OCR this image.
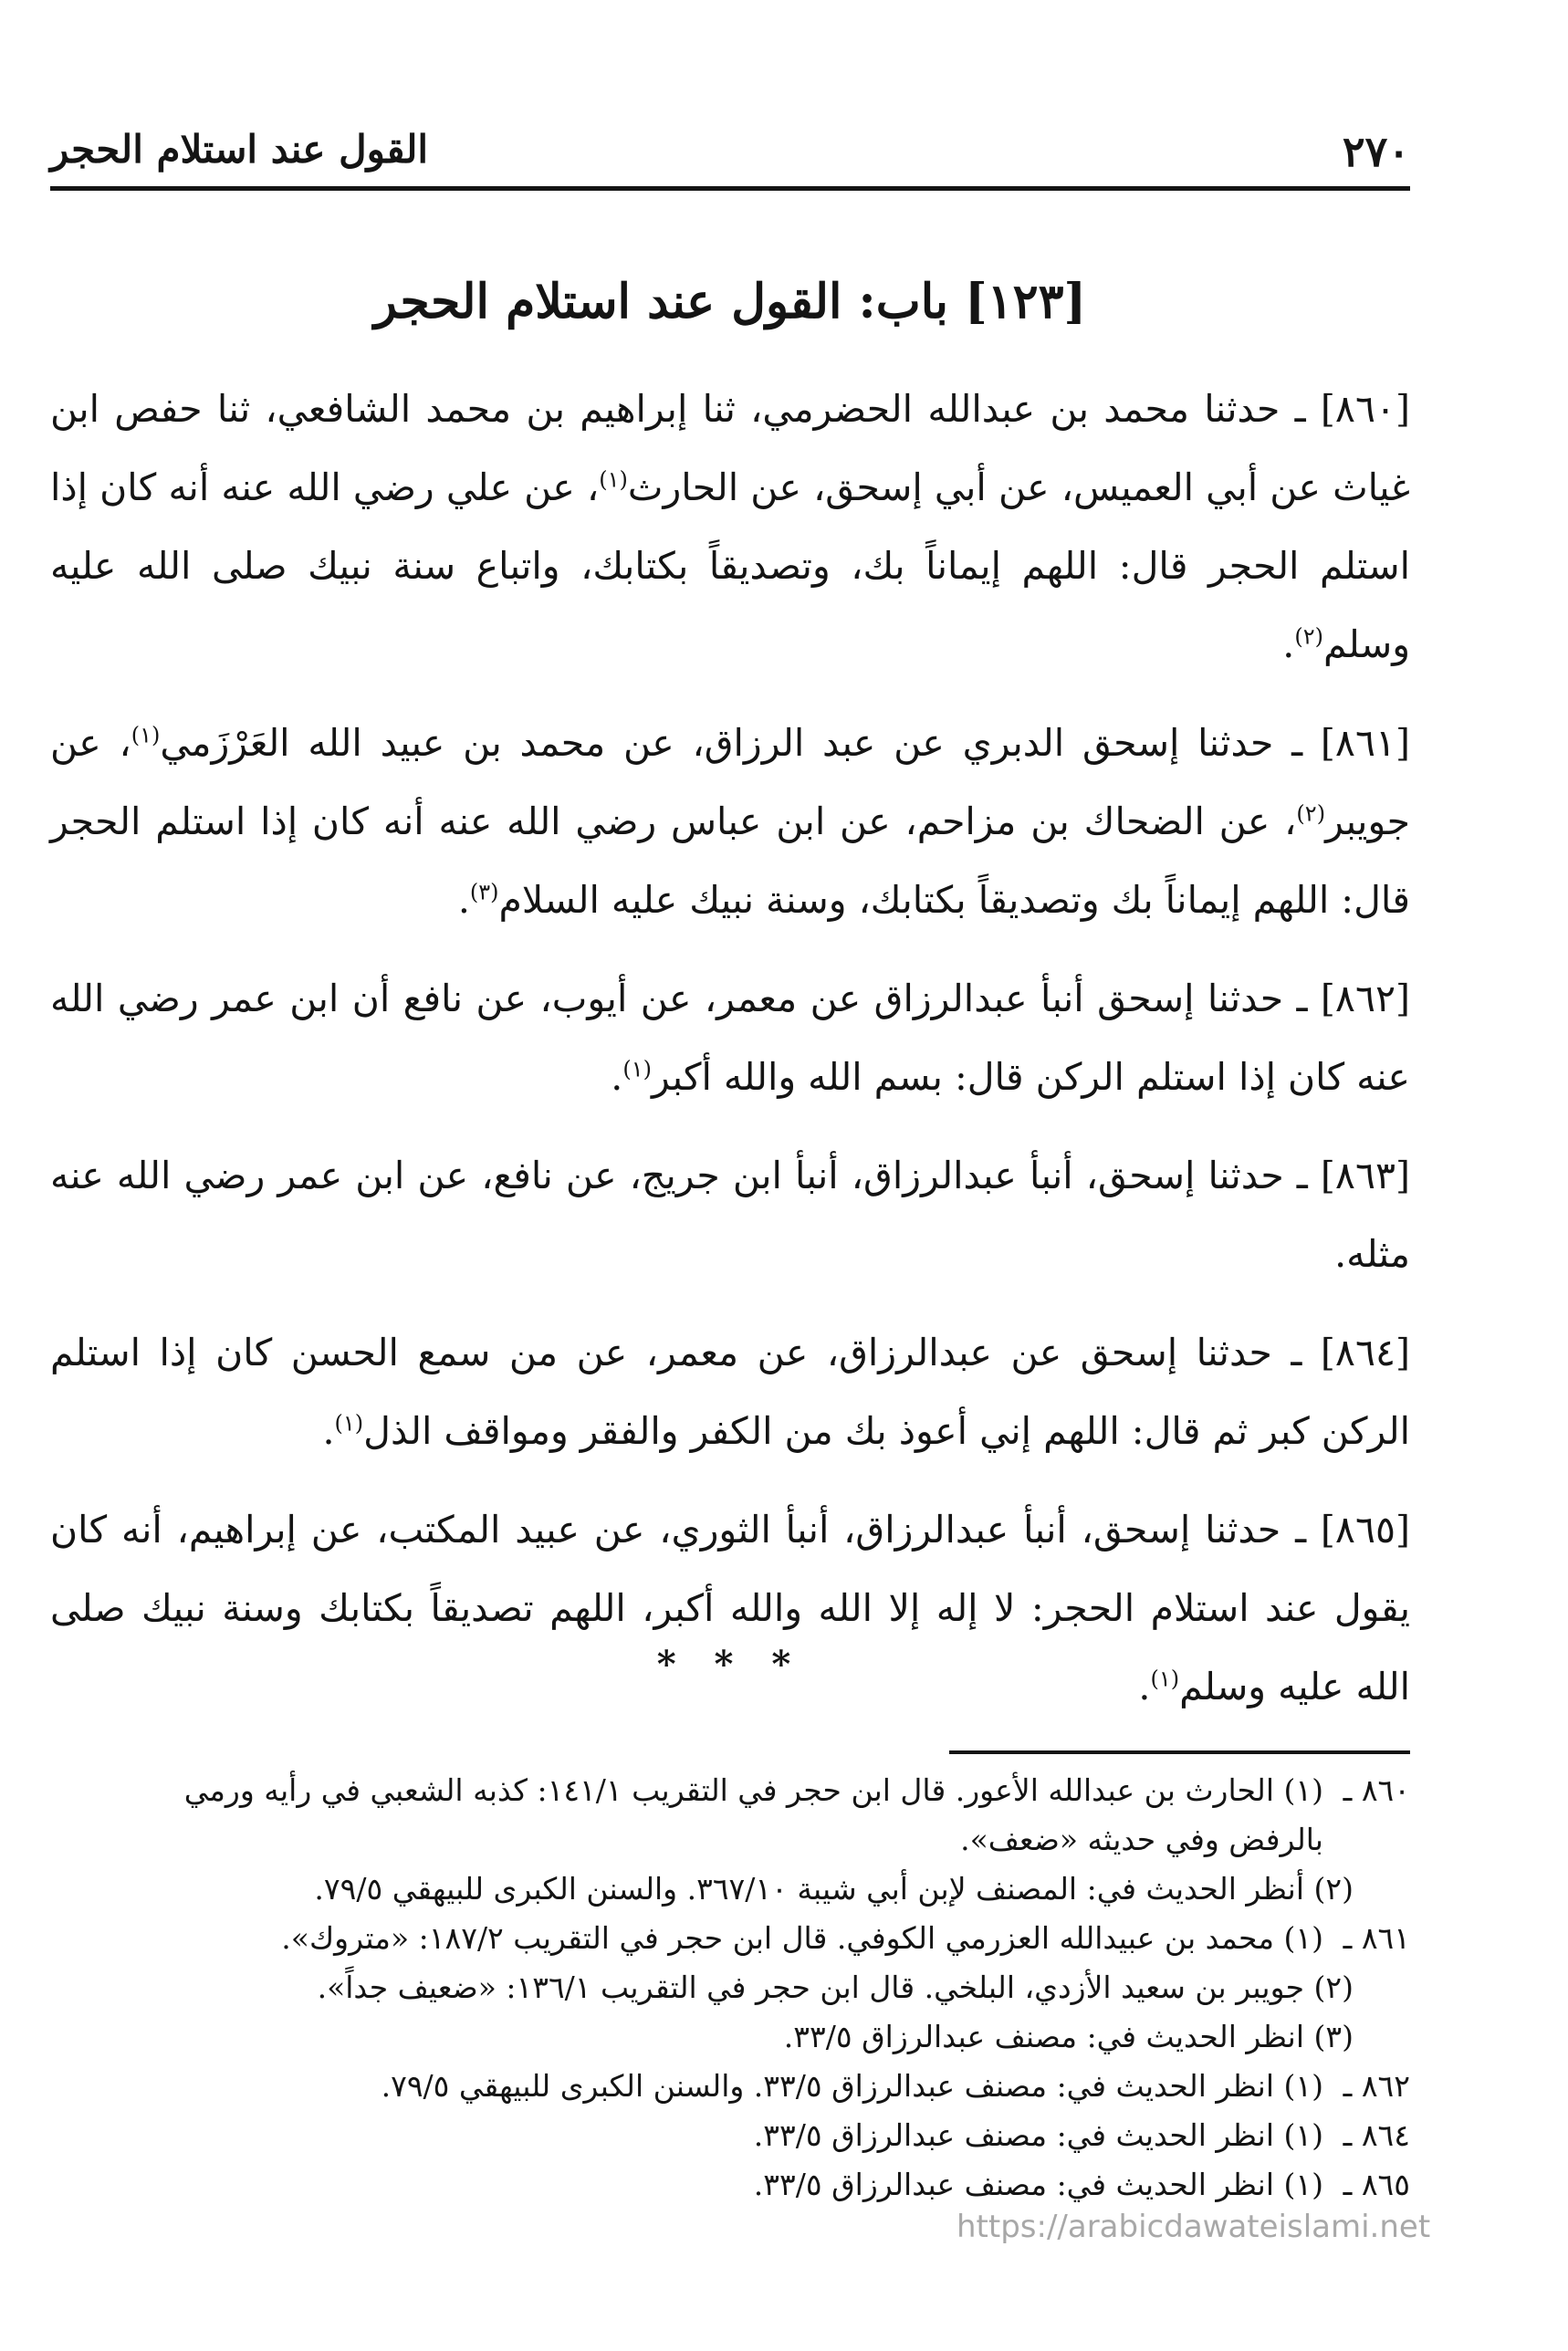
٢٧٠
القول عند استلام الحجر
[١٢٣] باب: القول عند استلام الحجر

[٨٦٠] ـ حدثنا محمد بن عبدالله الحضرمي، ثنا إبراهيم بن محمد الشافعي، ثنا حفص ابن غياث عن أبي العميس، عن أبي إسحق، عن الحارث$^{(١)}$، عن علي رضي الله عنه أنه كان إذا استلم الحجر قال: اللهم إيماناً بك، وتصديقاً بكتابك، واتباع سنة نبيك صلى الله عليه وسلم$^{(٢)}$.

[٨٦١] ـ حدثنا إسحق الدبري عن عبد الرزاق، عن محمد بن عبيد الله العَرْزَمي$^{(١)}$، عن جويبر$^{(٢)}$، عن الضحاك بن مزاحم، عن ابن عباس رضي الله عنه أنه كان إذا استلم الحجر قال: اللهم إيماناً بك وتصديقاً بكتابك، وسنة نبيك عليه السلام$^{(٣)}$.

[٨٦٢] ـ حدثنا إسحق أنبأ عبدالرزاق عن معمر، عن أيوب، عن نافع أن ابن عمر رضي الله عنه كان إذا استلم الركن قال: بسم الله والله أكبر$^{(١)}$.

[٨٦٣] ـ حدثنا إسحق، أنبأ عبدالرزاق، أنبأ ابن جريج، عن نافع، عن ابن عمر رضي الله عنه مثله.

[٨٦٤] ـ حدثنا إسحق عن عبدالرزاق، عن معمر، عن من سمع الحسن كان إذا استلم الركن كبر ثم قال: اللهم إني أعوذ بك من الكفر والفقر ومواقف الذل$^{(١)}$.

[٨٦٥] ـ حدثنا إسحق، أنبأ عبدالرزاق، أنبأ الثوري، عن عبيد المكتب، عن إبراهيم، أنه كان يقول عند استلام الحجر: لا إله إلا الله والله أكبر، اللهم تصديقاً بكتابك وسنة نبيك صلى الله عليه وسلم$^{(١)}$.

* * *

٨٦٠ ـ(١) الحارث بن عبدالله الأعور. قال ابن حجر في التقريب ١٤١/١: كذبه الشعبي في رأيه ورمي

بالرفض وفي حديثه «ضعف».

(٢) أنظر الحديث في: المصنف لإبن أبي شيبة ٣٦٧/١٠. والسنن الكبرى للبيهقي ٧٩/٥.

٨٦١ ـ(١) محمد بن عبيدالله العزرمي الكوفي. قال ابن حجر في التقريب ١٨٧/٢: «متروك».

(٢) جويبر بن سعيد الأزدي، البلخي. قال ابن حجر في التقريب ١٣٦/١: «ضعيف جداً».

(٣) انظر الحديث في: مصنف عبدالرزاق ٣٣/٥.

٨٦٢ ـ(١) انظر الحديث في: مصنف عبدالرزاق ٣٣/٥. والسنن الكبرى للبيهقي ٧٩/٥.

٨٦٤ ـ(١) انظر الحديث في: مصنف عبدالرزاق ٣٣/٥.

٨٦٥ ـ(١) انظر الحديث في: مصنف عبدالرزاق ٣٣/٥.

https://arabicdawateislami.net
